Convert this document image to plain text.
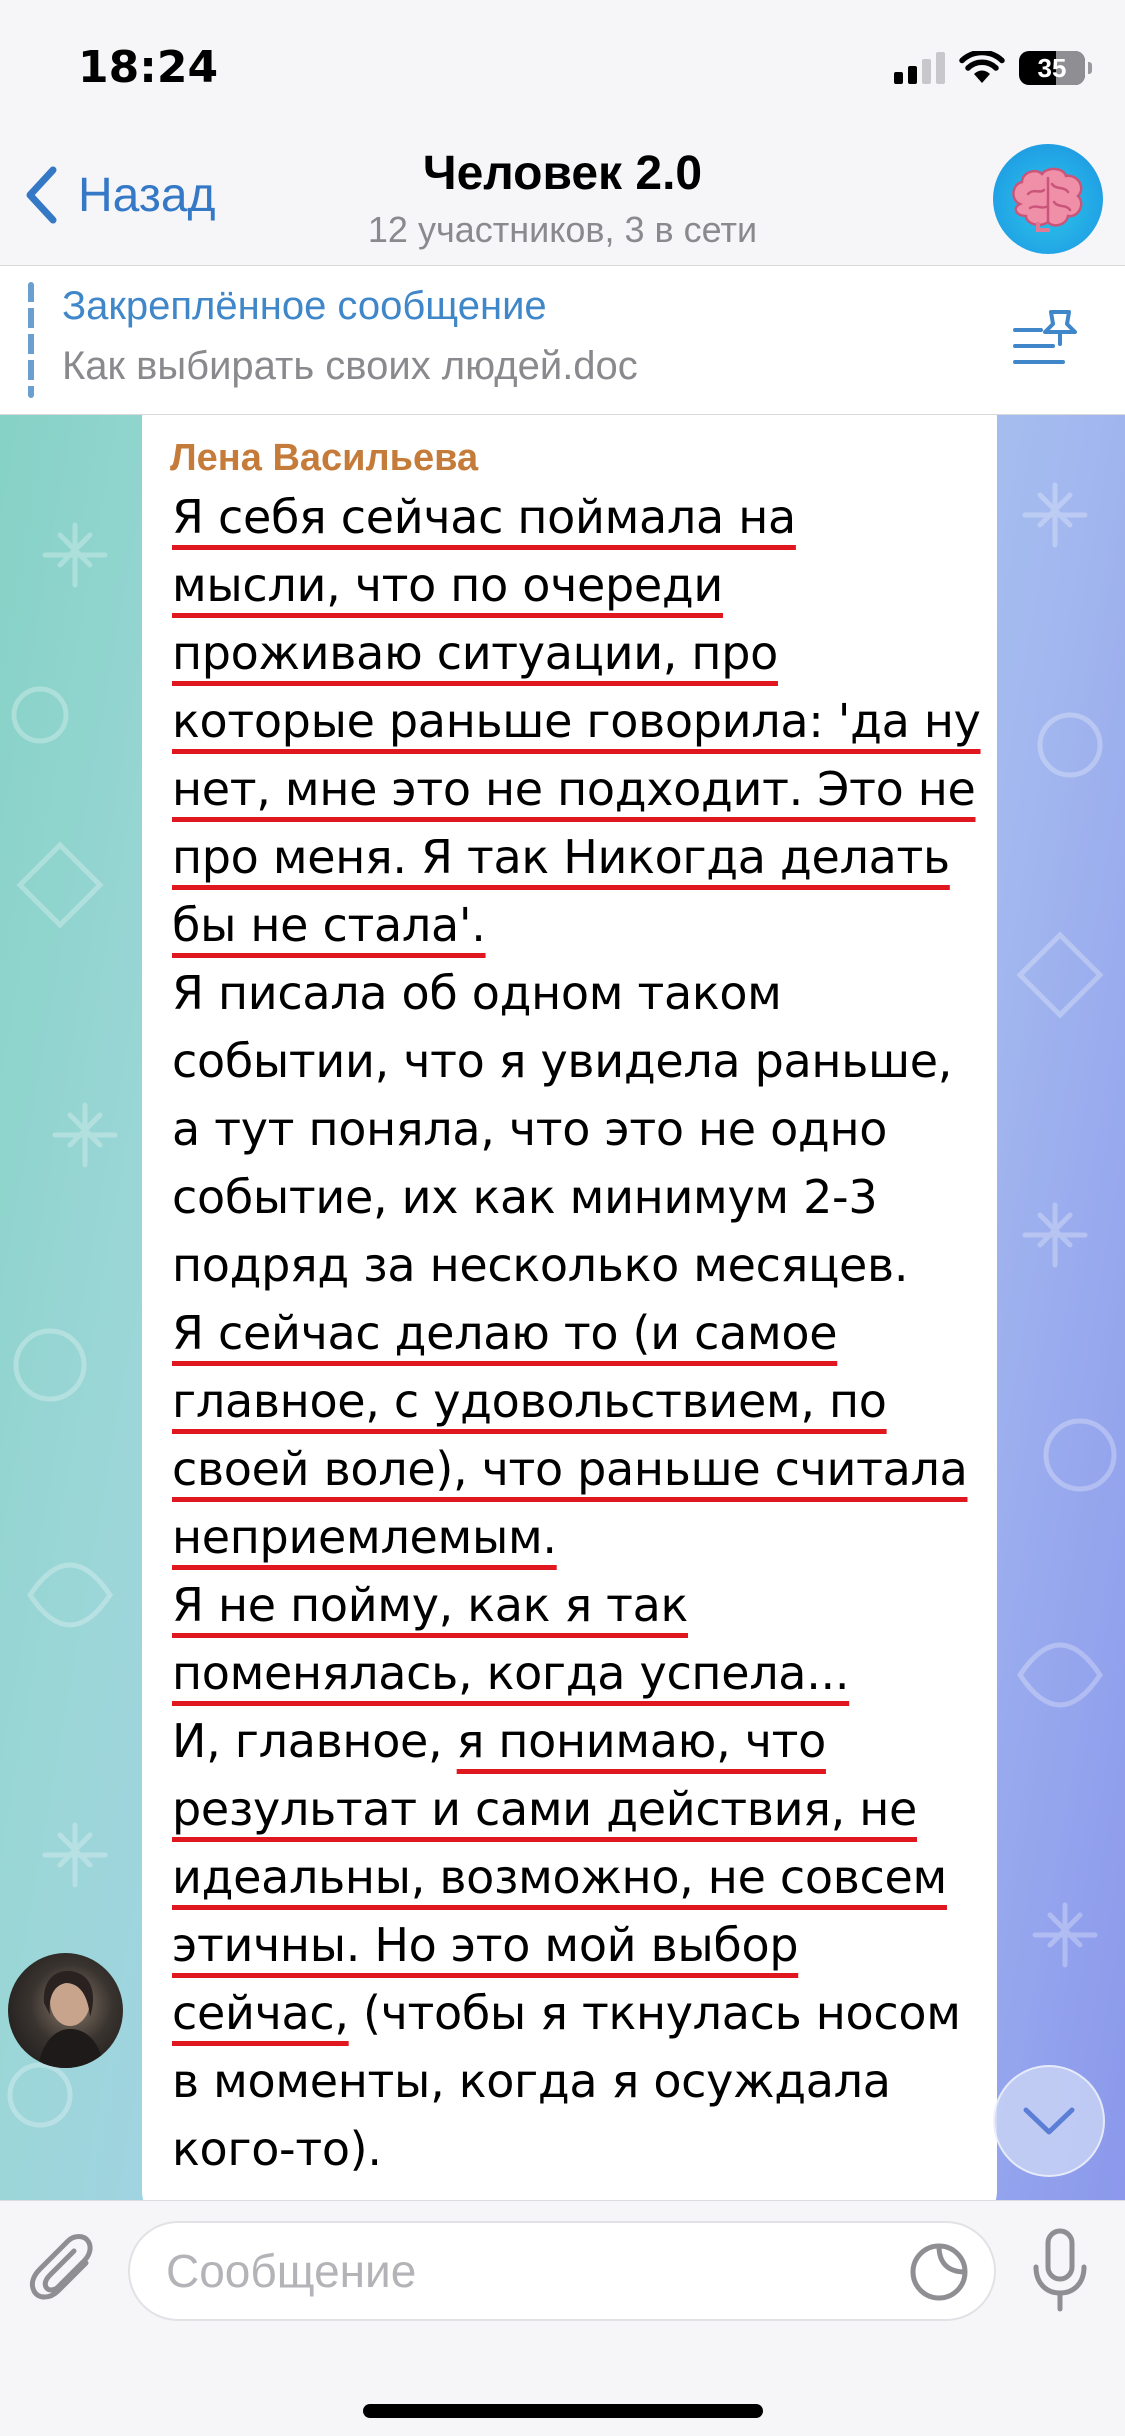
18:24	35
Назад	Человек 2.0
12 участников, 3 в сети
Закреплённое сообщение
Как выбирать своих людей.doc
Лена Васильева
Я себя сейчас поймала на
мысли, что по очереди
проживаю ситуации, про
которые раньше говорила: 'да ну
нет, мне это не подходит. Это не
про меня. Я так Никогда делать
бы не стала'.
Я писала об одном таком
событии, что я увидела раньше,
а тут поняла, что это не одно
событие, их как минимум 2-3
подряд за несколько месяцев.
Я сейчас делаю то (и самое
главное, с удовольствием, по
своей воле), что раньше считала
неприемлемым.
Я не пойму, как я так
поменялась, когда успела...
И, главное, я понимаю, что
результат и сами действия, не
идеальны, возможно, не совсем
этичны. Но это мой выбор
сейчас, (чтобы я ткнулась носом
в моменты, когда я осуждала
кого-то).
Сообщение
